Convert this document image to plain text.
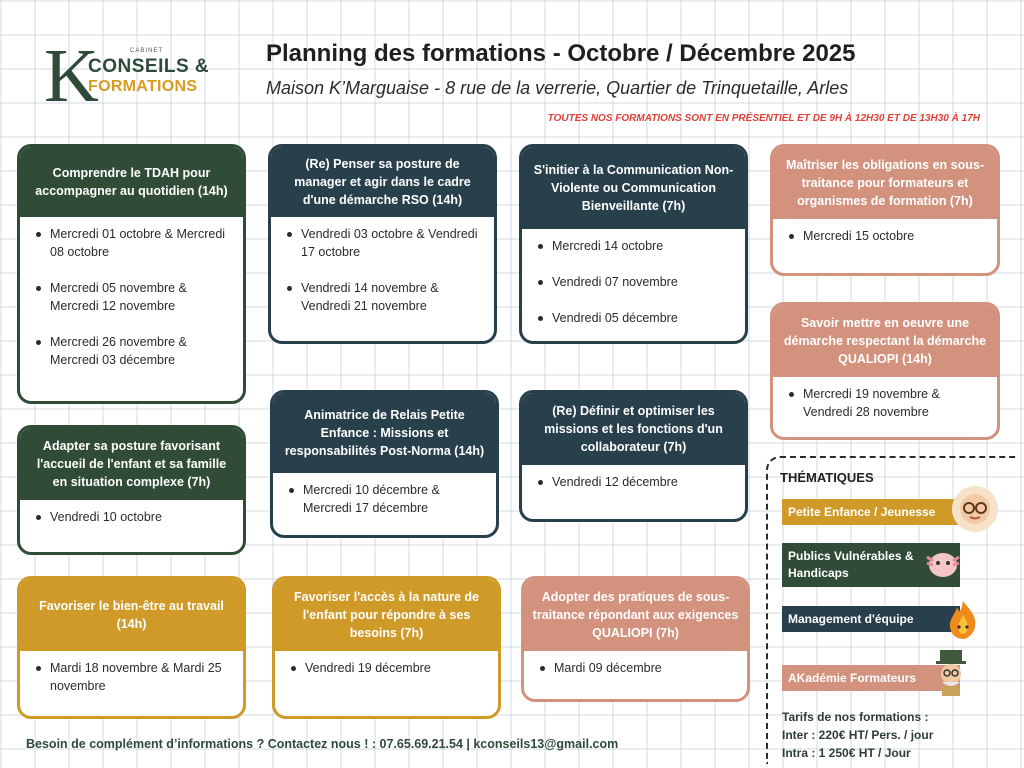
K	CABINET
CONSEILS &
FORMATIONS
Planning des formations - Octobre / Décembre 2025
Maison K’Marguaise - 8 rue de la verrerie, Quartier de Trinquetaille, Arles
TOUTES NOS FORMATIONS SONT EN PRÉSENTIEL ET DE 9H À 12H30 ET DE 13H30 À 17H
Comprendre le TDAH pour accompagner au quotidien (14h)
Mercredi 01 octobre & Mercredi 08 octobre
Mercredi 05 novembre & Mercredi 12 novembre
Mercredi 26 novembre & Mercredi 03 décembre
Adapter sa posture favorisant l'accueil de l'enfant et sa famille en situation complexe (7h)
Vendredi 10 octobre
Favoriser le bien-être au travail (14h)
Mardi 18 novembre & Mardi 25 novembre
(Re) Penser sa posture de manager et agir dans le cadre d'une démarche RSO (14h)
Vendredi 03 octobre & Vendredi 17 octobre
Vendredi 14 novembre & Vendredi 21 novembre
Animatrice de Relais Petite Enfance : Missions et responsabilités Post-Norma (14h)
Mercredi 10 décembre & Mercredi 17 décembre
Favoriser l'accès à la nature de l'enfant pour répondre à ses besoins (7h)
Vendredi 19 décembre
S'initier à la Communication Non-Violente ou Communication Bienveillante (7h)
Mercredi 14 octobre
Vendredi 07 novembre
Vendredi 05 décembre
(Re) Définir et optimiser les missions et les fonctions d'un collaborateur (7h)
Vendredi 12 décembre
Adopter des pratiques de sous-traitance répondant aux exigences QUALIOPI (7h)
Mardi 09 décembre
Maîtriser les obligations en sous-traitance pour formateurs et organismes de formation (7h)
Mercredi 15 octobre
Savoir mettre en oeuvre une démarche respectant la démarche QUALIOPI (14h)
Mercredi 19 novembre & Vendredi 28 novembre
THÉMATIQUES
Petite Enfance / Jeunesse
Publics Vulnérables & Handicaps
Management d'équipe
AKadémie Formateurs
Tarifs de nos formations :
Inter : 220€ HT/ Pers. / jour
Intra : 1 250€ HT / Jour
Besoin de complément d’informations ? Contactez nous ! : 07.65.69.21.54 | kconseils13@gmail.com
